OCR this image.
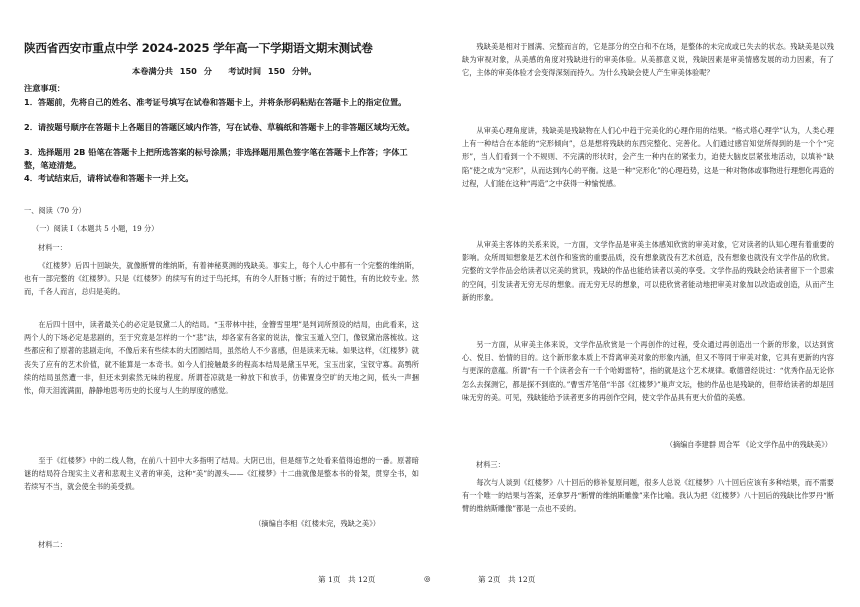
陕西省西安市重点中学 2024-2025 学年高一下学期语文期末测试卷
本卷满分共 150 分　　考试时间 150 分钟。
注意事项：
1．答题前，先将自己的姓名、准考证号填写在试卷和答题卡上，并将条形码粘贴在答题卡上的指定位置。
2．请按题号顺序在答题卡上各题目的答题区域内作答，写在试卷、草稿纸和答题卡上的非答题区域均无效。
3．选择题用 2B 铅笔在答题卡上把所选答案的标号涂黑；非选择题用黑色签字笔在答题卡上作答；字体工整，笔迹清楚。
4．考试结束后，请将试卷和答题卡一并上交。
一、阅读（70 分）
（一）阅读 I（本题共 5 小题，19 分）
材料一：

《红楼梦》后四十回缺失，就像断臂的维纳斯，有着神秘莫测的残缺美。事实上，每个人心中都有一个完整的维纳斯，也有一部完整的《红楼梦》。只是《红楼梦》的续写有的过于鸟托邦，有的令人肝肠寸断；有的过于随性，有的比较专业。然而，千各人而言，总归是美的。

在后四十回中，读者最关心的必定是钗黛二人的结局。“玉带林中挂，金簪雪里埋”是判词所预设的结局，由此看来，这两个人的下场必定是悲剧的，至于究竟是怎样的一个“悲”法，却各家有各家的说法，像宝玉遁入空门，像钗黛治落梳妆。这些都应和了原著的悲剧走向，不像后来有些续本的大团圆结局，虽然给人不少喜感，但是读来无味。如果这样，《红楼梦》就丧失了应有的艺术价值，就不能算是一本奇书。如今人们接触最多的程高本结局是黛玉早死，宝玉出家，宝钗守寡。高鹗所续的结局虽然遭一非，但还未到索然无味的程度。所谓苍凉就是一种放下和放手，仿佛置身空旷的天地之间，低头一声捆怅，仰天泪流满面，静静地思考历史的长度与人生的厚度的感觉。

至于《红楼梦》中的二线人物，在前八十回中大多指明了结局。大阴已出，但是细节之处看来值得追想的一番。原著暗谜的结局符合现实主义者和悲观主义者的审美，这种“美”的源头——《红楼梦》十二曲就像是整本书的骨架，贯穿全书，如若续写不当，就会使全书的美受损。

（摘编自李相《红楼未完，残缺之美》）
材料二：

残缺美是相对于圆满、完整而言的，它是部分的空白和不在场，是整体的未完成或已失去的状态。残缺美是以残缺为审视对象，从美感的角度对残缺进行的审美体验。从美都意义说，残缺因素是审美情感发展的动力因素，有了它，主体的审美体验才会变得深刻而持久。为什么残缺会使人产生审美体验呢？

从审美心理角度讲，残缺美是残缺物在人们心中趋于完美化的心理作用的结果。“格式塔心理学”认为，人类心理上有一种结合在本能的“完形倾向”，总是想将残缺的东西完整化、完善化。人们通过感官知觉所得到的是一个个“完形”，当人们看到一个不规则、不完满的形状时，会产生一种内在的紧张力，迫使大脑皮层紧张地活动，以填补“缺陷”使之成为“完形”，从而达到内心的平衡。这是一种“完形化”的心理趋势，这是一种对物体或事物进行理想化再造的过程，人们能在这种“再造”之中获得一种愉悦感。

从审美主客体的关系来说，一方面，文学作品是审美主体感知欣赏的审美对象，它对读者的认知心理有着重要的影响。众所周知想象是艺术创作和鉴赏的重要品质，没有想象就没有艺术创造，没有想象也就没有文学作品的欣赏。完整的文学作品会给读者以完美的赏识，残缺的作品也能给读者以美的享受。文学作品的残缺会给读者留下一个思索的空间，引发读者无穷无尽的想象。而无穷无尽的想象，可以使欣赏者能动地把审美对象加以改造或创造，从而产生新的形象。

另一方面，从审美主体来说，文学作品欣赏是一个再创作的过程，受众通过再创造出一个新的形象，以达到赏心、悦目、怡情的目的。这个新形象本质上不背离审美对象的形象内涵，但又不等同于审美对象，它具有更新的内容与更深的意蕴。所谓“有一千个读者会有一千个哈姆雷特”，指的就是这个艺术规律。歌德曾经说过：“优秀作品无论你怎么去探测它，都是探不到底的。”曹雪芹笔借“半部《红楼梦》”巢声文坛，他的作品也是残缺的，但带给读者的却是回味无穷的美。可见，残缺能给予读者更多的再创作空间，使文学作品具有更大价值的美感。

（摘编自李建群 周合军 《论文学作品中的残缺美》）
材料三：

每次与人谈到《红楼梦》八十回后的修补复原问题，很多人总说《红楼梦》八十回后应该有多种结果，而不需要有一个唯一的结果与答案，还拿罗丹“断臂的维纳斯雕像”来作比喻。我认为把《红楼梦》八十回后的残缺比作罗丹“断臂的维纳斯雕像”都是一点也不妥的。

第 1页　共 12页	◎	第 2页　共 12页
